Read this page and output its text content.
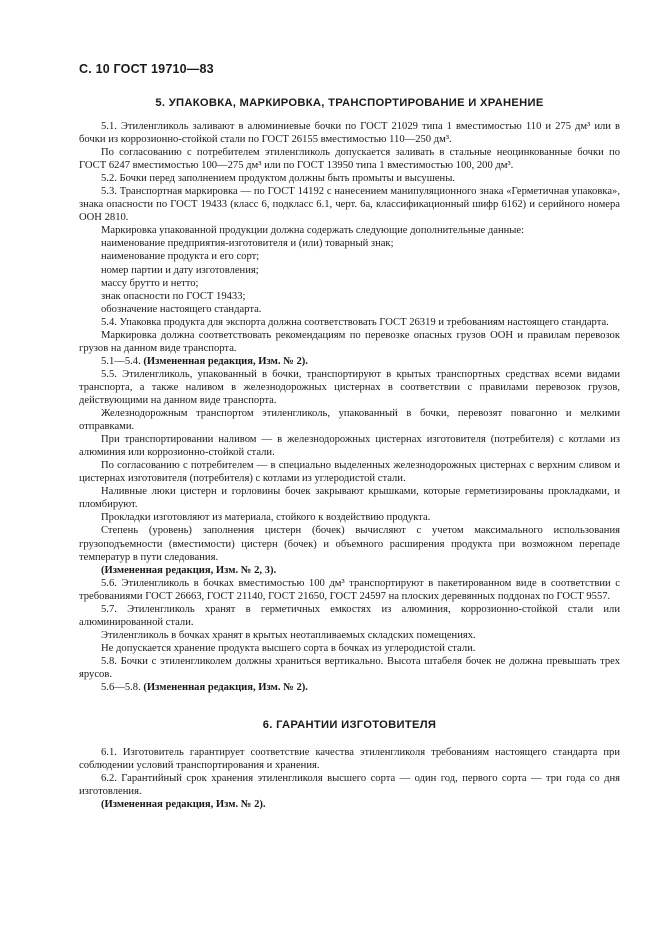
С. 10 ГОСТ 19710—83
5. УПАКОВКА, МАРКИРОВКА, ТРАНСПОРТИРОВАНИЕ И ХРАНЕНИЕ

5.1. Этиленгликоль заливают в алюминиевые бочки по ГОСТ 21029 типа 1 вместимостью 110 и 275 дм³ или в бочки из коррозионно-стойкой стали по ГОСТ 26155 вместимостью 110—250 дм³.

По согласованию с потребителем этиленгликоль допускается заливать в стальные неоцинкованные бочки по ГОСТ 6247 вместимостью 100—275 дм³ или по ГОСТ 13950 типа 1 вместимостью 100, 200 дм³.

5.2. Бочки перед заполнением продуктом должны быть промыты и высушены.

5.3. Транспортная маркировка — по ГОСТ 14192 с нанесением манипуляционного знака «Герметичная упаковка», знака опасности по ГОСТ 19433 (класс 6, подкласс 6.1, черт. 6а, классификационный шифр 6162) и серийного номера ООН 2810.

Маркировка упакованной продукции должна содержать следующие дополнительные данные:

наименование предприятия-изготовителя и (или) товарный знак;

наименование продукта и его сорт;

номер партии и дату изготовления;

массу брутто и нетто;

знак опасности по ГОСТ 19433;

обозначение настоящего стандарта.

5.4. Упаковка продукта для экспорта должна соответствовать ГОСТ 26319 и требованиям настоящего стандарта.

Маркировка должна соответствовать рекомендациям по перевозке опасных грузов ООН и правилам перевозок грузов на данном виде транспорта.

5.1—5.4. (Измененная редакция, Изм. № 2).

5.5. Этиленгликоль, упакованный в бочки, транспортируют в крытых транспортных средствах всеми видами транспорта, а также наливом в железнодорожных цистернах в соответствии с правилами перевозок грузов, действующими на данном виде транспорта.

Железнодорожным транспортом этиленгликоль, упакованный в бочки, перевозят повагонно и мелкими отправками.

При транспортировании наливом — в железнодорожных цистернах изготовителя (потребителя) с котлами из алюминия или коррозионно-стойкой стали.

По согласованию с потребителем — в специально выделенных железнодорожных цистернах с верхним сливом и цистернах изготовителя (потребителя) с котлами из углеродистой стали.

Наливные люки цистерн и горловины бочек закрывают крышками, которые герметизированы прокладками, и пломбируют.

Прокладки изготовляют из материала, стойкого к воздействию продукта.

Степень (уровень) заполнения цистерн (бочек) вычисляют с учетом максимального использования грузоподъемности (вместимости) цистерн (бочек) и объемного расширения продукта при возможном перепаде температур в пути следования.

(Измененная редакция, Изм. № 2, 3).

5.6. Этиленгликоль в бочках вместимостью 100 дм³ транспортируют в пакетированном виде в соответствии с требованиями ГОСТ 26663, ГОСТ 21140, ГОСТ 21650, ГОСТ 24597 на плоских деревянных поддонах по ГОСТ 9557.

5.7. Этиленгликоль хранят в герметичных емкостях из алюминия, коррозионно-стойкой стали или алюминированной стали.

Этиленгликоль в бочках хранят в крытых неотапливаемых складских помещениях.

Не допускается хранение продукта высшего сорта в бочках из углеродистой стали.

5.8. Бочки с этиленгликолем должны храниться вертикально. Высота штабеля бочек не должна превышать трех ярусов.

5.6—5.8. (Измененная редакция, Изм. № 2).

6. ГАРАНТИИ ИЗГОТОВИТЕЛЯ

6.1. Изготовитель гарантирует соответствие качества этиленгликоля требованиям настоящего стандарта при соблюдении условий транспортирования и хранения.

6.2. Гарантийный срок хранения этиленгликоля высшего сорта — один год, первого сорта — три года со дня изготовления.

(Измененная редакция, Изм. № 2).
